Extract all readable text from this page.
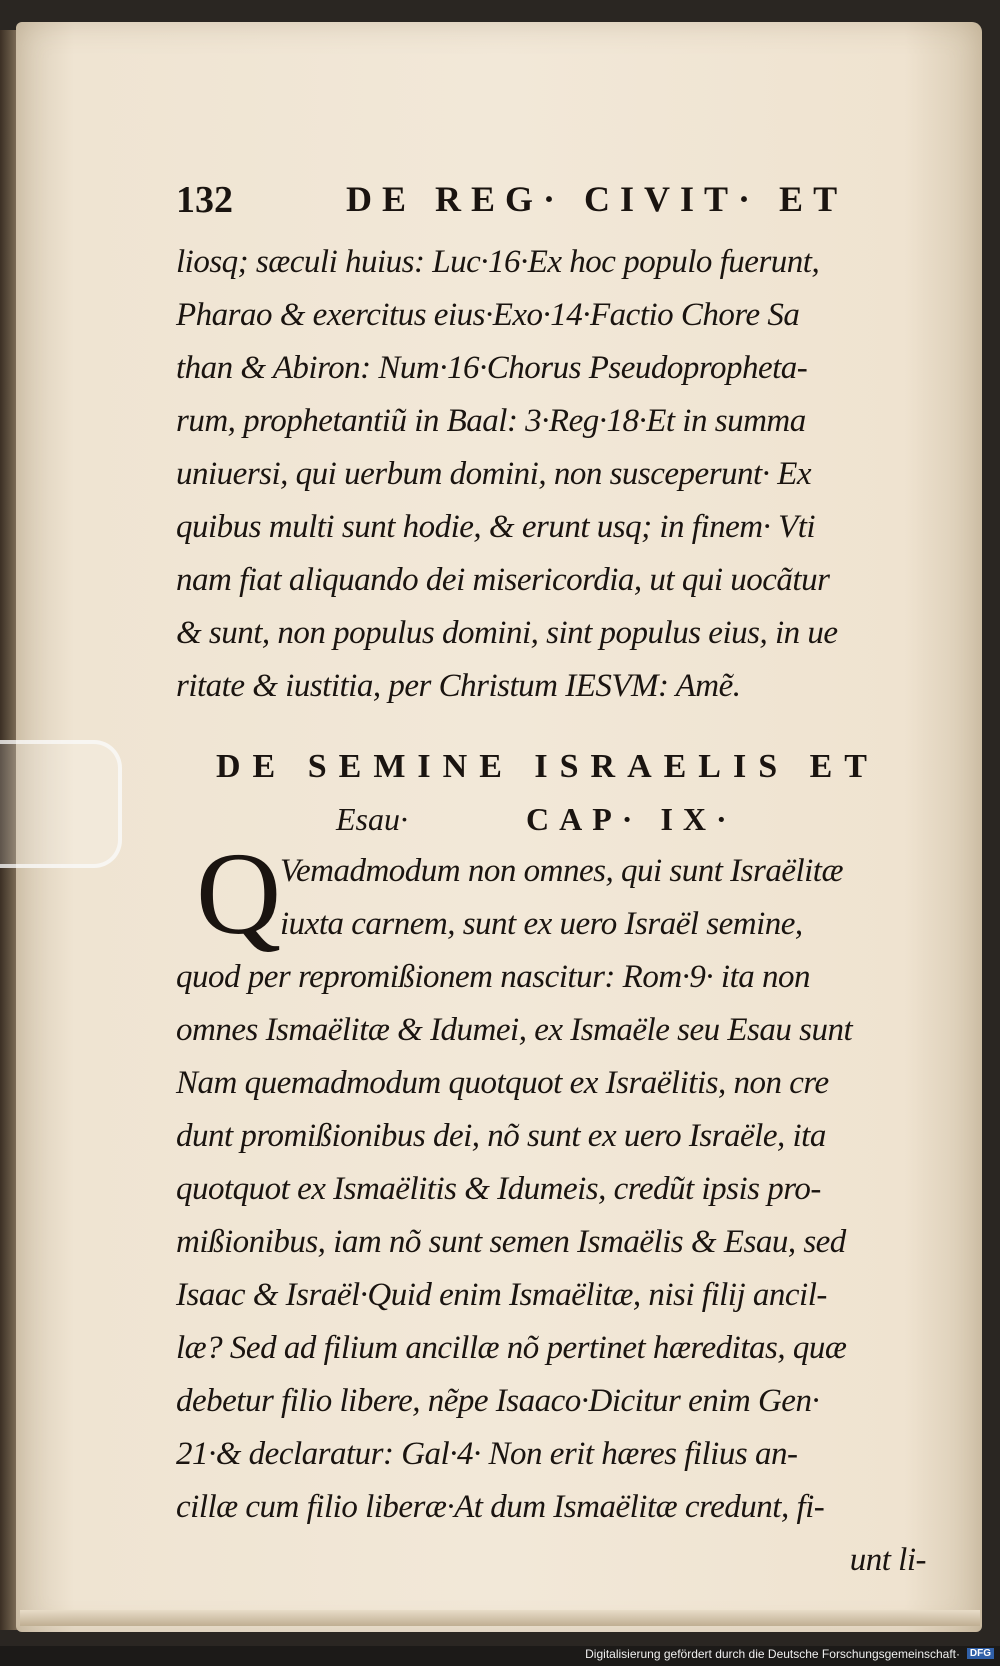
132	DE REG· CIVIT· ET
liosq; sæculi huius: Luc·16·Ex hoc populo fuerunt,
Pharao & exercitus eius·Exo·14·Factio Chore Sa
than & Abiron: Num·16·Chorus Pseudopropheta-
rum, prophetantiũ in Baal: 3·Reg·18·Et in summa
uniuersi, qui uerbum domini, non susceperunt· Ex
quibus multi sunt hodie, & erunt usq; in finem· Vti
nam fiat aliquando dei misericordia, ut qui uocãtur
& sunt, non populus domini, sint populus eius, in ue
ritate & iustitia, per Christum IESVM: Amẽ.
DE SEMINE ISRAELIS ET
Esau·	CAP· IX·
Q
Vemadmodum non omnes, qui sunt Israëlitæ
iuxta carnem, sunt ex uero Israël semine,
quod per repromißionem nascitur: Rom·9· ita non
omnes Ismaëlitæ & Idumei, ex Ismaële seu Esau sunt
Nam quemadmodum quotquot ex Israëlitis, non cre
dunt promißionibus dei, nõ sunt ex uero Israële, ita
quotquot ex Ismaëlitis & Idumeis, credũt ipsis pro-
mißionibus, iam nõ sunt semen Ismaëlis & Esau, sed
Isaac & Israël·Quid enim Ismaëlitæ, nisi filij ancil-
læ? Sed ad filium ancillæ nõ pertinet hæreditas, quæ
debetur filio libere, nẽpe Isaaco·Dicitur enim Gen·
21·& declaratur: Gal·4· Non erit hæres filius an-
cillæ cum filio liberæ·At dum Ismaëlitæ credunt, fi-
unt li-
Digitalisierung gefördert durch die Deutsche Forschungsgemeinschaft· DFG
